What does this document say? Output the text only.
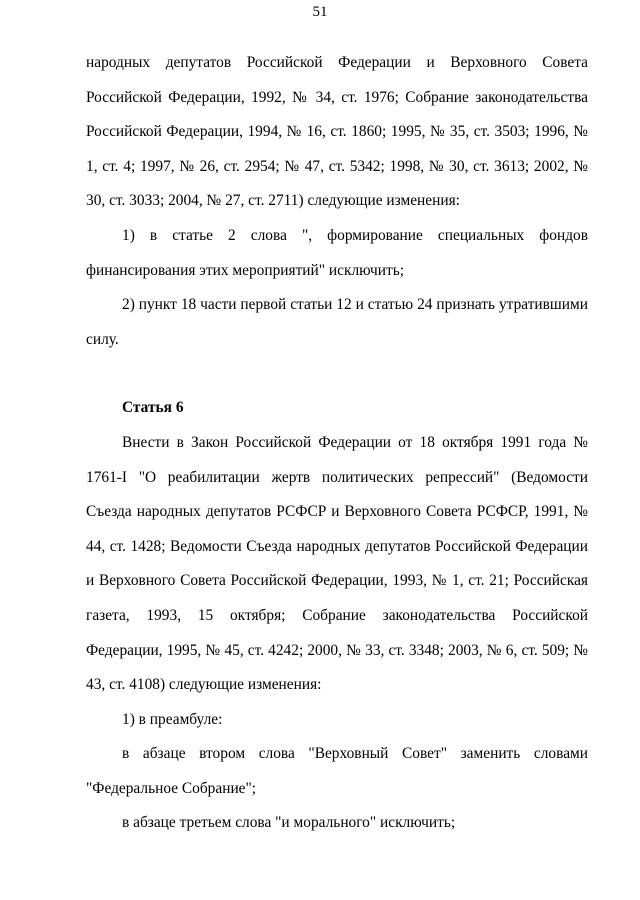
51

народных депутатов Российской Федерации и Верховного Совета Российской Федерации, 1992, № 34, ст. 1976; Собрание законодательства Российской Федерации, 1994, № 16, ст. 1860; 1995, № 35, ст. 3503; 1996, № 1, ст. 4; 1997, № 26, ст. 2954; № 47, ст. 5342; 1998, № 30, ст. 3613; 2002, № 30, ст. 3033; 2004, № 27, ст. 2711) следующие изменения:

1) в статье 2 слова ", формирование специальных фондов финансирования этих мероприятий" исключить;

2) пункт 18 части первой статьи 12 и статью 24 признать утратившими силу.

Статья 6

Внести в Закон Российской Федерации от 18 октября 1991 года № 1761-I "О реабилитации жертв политических репрессий" (Ведомости Съезда народных депутатов РСФСР и Верховного Совета РСФСР, 1991, № 44, ст. 1428; Ведомости Съезда народных депутатов Российской Федерации и Верховного Совета Российской Федерации, 1993, № 1, ст. 21; Российская газета, 1993, 15 октября; Собрание законодательства Российской Федерации, 1995, № 45, ст. 4242; 2000, № 33, ст. 3348; 2003, № 6, ст. 509; № 43, ст. 4108) следующие изменения:

1) в преамбуле:

в абзаце втором слова "Верховный Совет" заменить словами "Федеральное Собрание";

в абзаце третьем слова "и морального" исключить;
